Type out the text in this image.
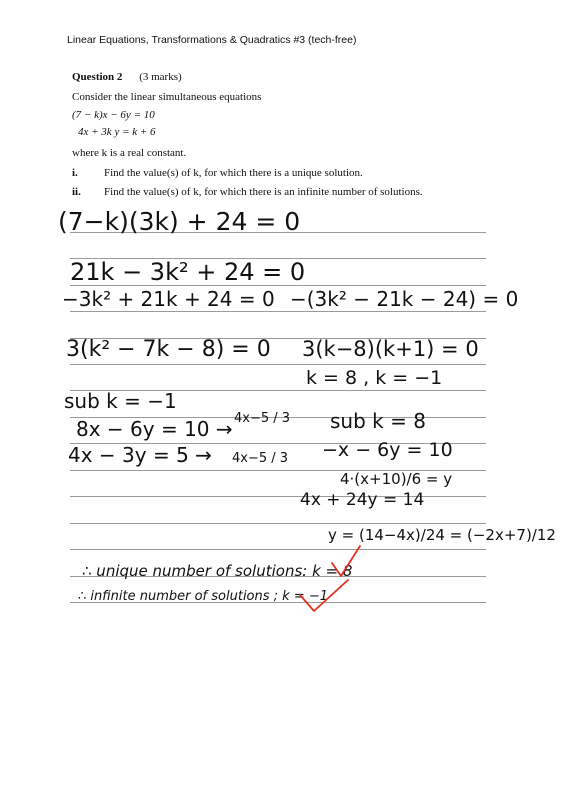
Linear Equations, Transformations & Quadratics #3 (tech-free)
Question 2 (3 marks)
Consider the linear simultaneous equations
(7 − k)x − 6y = 10
4x + 3k y = k + 6
where k is a real constant.
i. Find the value(s) of k, for which there is a unique solution.
ii. Find the value(s) of k, for which there is an infinite number of solutions.
(7−k)(3k) + 24 = 0
21k − 3k² + 24 = 0
−3k² + 21k + 24 = 0 −(3k² − 21k − 24) = 0
3(k² − 7k − 8) = 0 3(k−8)(k+1) = 0
k = 8 , k = −1
sub k = −1
8x − 6y = 10 → 4x−5 / 3
4x − 3y = 5 → 4x−5 / 3
sub k = 8
−x − 6y = 10
4·(x+10)/6 = y
4x + 24y = 14
y = (14−4x)/24 = (−2x+7)/12
∴ unique number of solutions: k = 8
∴ infinite number of solutions ; k = −1
